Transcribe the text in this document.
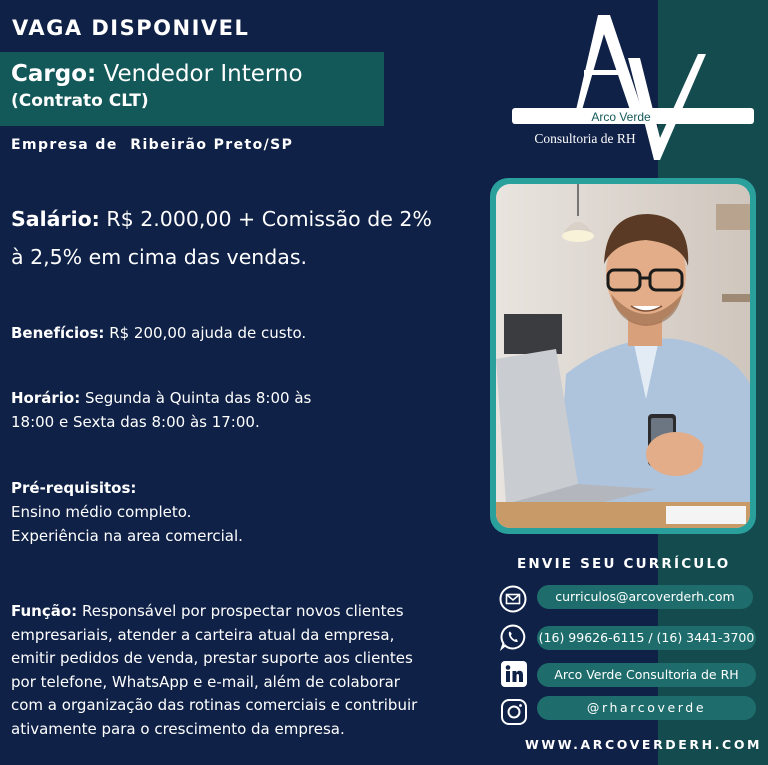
VAGA DISPONIVEL
Cargo: Vendedor Interno
(Contrato CLT)
Empresa de  Ribeirão Preto/SP
Arco Verde
Consultoria de RH
Salário: R$ 2.000,00 + Comissão de 2%
à 2,5% em cima das vendas.
Benefícios: R$ 200,00 ajuda de custo.
Horário: Segunda à Quinta das 8:00 às
18:00 e Sexta das 8:00 às 17:00.
Pré-requisitos:
Ensino médio completo.
Experiência na area comercial.
Função: Responsável por prospectar novos clientes
empresariais, atender a carteira atual da empresa,
emitir pedidos de venda, prestar suporte aos clientes
por telefone, WhatsApp e e-mail, além de colaborar
com a organização das rotinas comerciais e contribuir
ativamente para o crescimento da empresa.
ENVIE SEU CURRÍCULO
curriculos@arcoverderh.com
(16) 99626-6115 / (16) 3441-3700
Arco Verde Consultoria de RH
@rharcoverde
WWW.ARCOVERDERH.COM
